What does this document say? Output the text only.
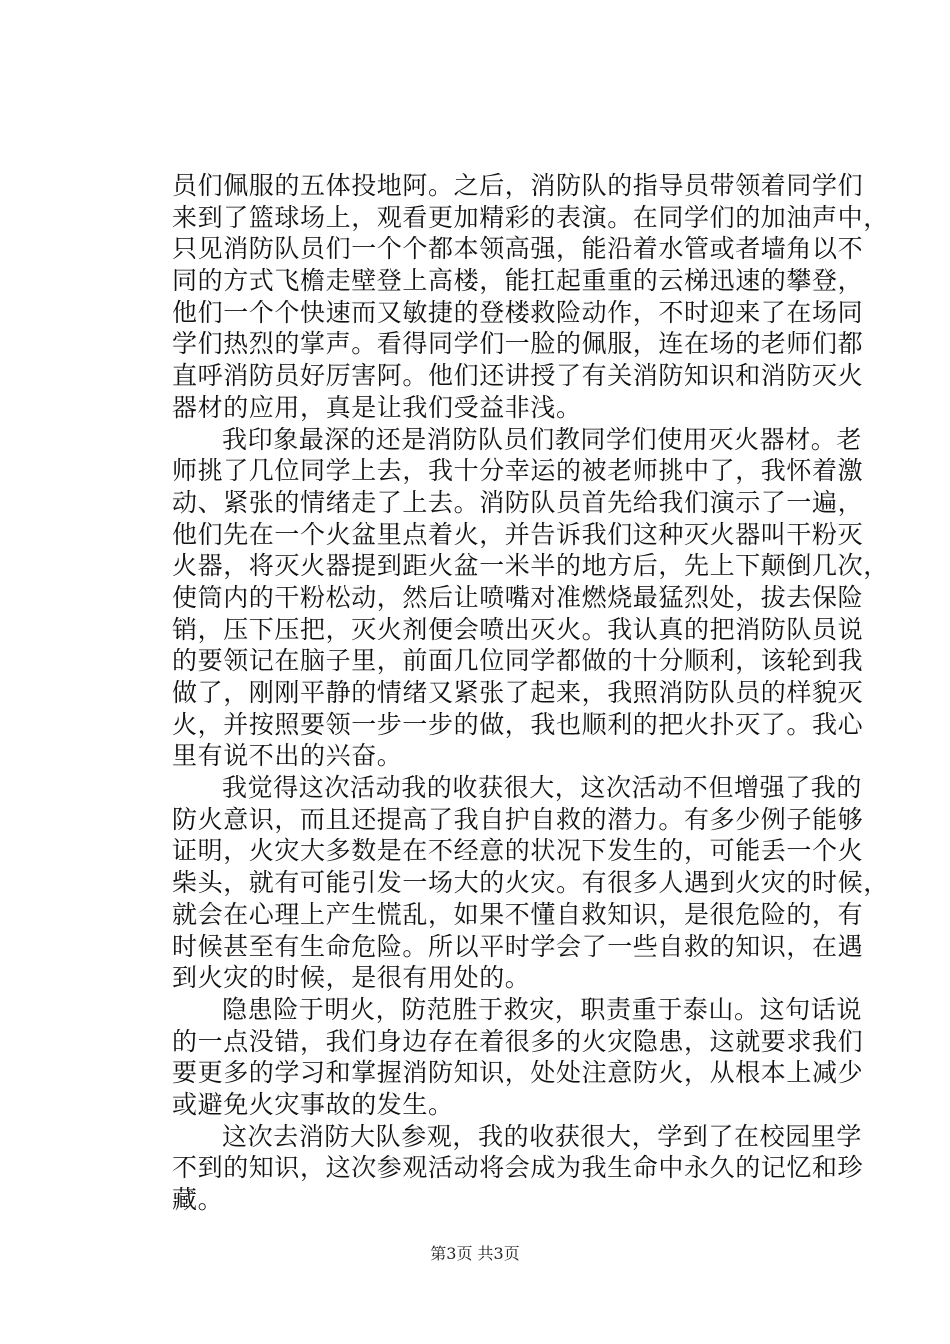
员们佩服的五体投地阿。之后，消防队的指导员带领着同学们
来到了篮球场上，观看更加精彩的表演。在同学们的加油声中，
只见消防队员们一个个都本领高强，能沿着水管或者墙角以不
同的方式飞檐走壁登上高楼，能扛起重重的云梯迅速的攀登，
他们一个个快速而又敏捷的登楼救险动作，不时迎来了在场同
学们热烈的掌声。看得同学们一脸的佩服，连在场的老师们都
直呼消防员好厉害阿。他们还讲授了有关消防知识和消防灭火
器材的应用，真是让我们受益非浅。
我印象最深的还是消防队员们教同学们使用灭火器材。老
师挑了几位同学上去，我十分幸运的被老师挑中了，我怀着激
动、紧张的情绪走了上去。消防队员首先给我们演示了一遍，
他们先在一个火盆里点着火，并告诉我们这种灭火器叫干粉灭
火器，将灭火器提到距火盆一米半的地方后，先上下颠倒几次，
使筒内的干粉松动，然后让喷嘴对准燃烧最猛烈处，拔去保险
销，压下压把，灭火剂便会喷出灭火。我认真的把消防队员说
的要领记在脑子里，前面几位同学都做的十分顺利，该轮到我
做了，刚刚平静的情绪又紧张了起来，我照消防队员的样貌灭
火，并按照要领一步一步的做，我也顺利的把火扑灭了。我心
里有说不出的兴奋。
我觉得这次活动我的收获很大，这次活动不但增强了我的
防火意识，而且还提高了我自护自救的潜力。有多少例子能够
证明，火灾大多数是在不经意的状况下发生的，可能丢一个火
柴头，就有可能引发一场大的火灾。有很多人遇到火灾的时候，
就会在心理上产生慌乱，如果不懂自救知识，是很危险的，有
时候甚至有生命危险。所以平时学会了一些自救的知识，在遇
到火灾的时候，是很有用处的。
隐患险于明火，防范胜于救灾，职责重于泰山。这句话说
的一点没错，我们身边存在着很多的火灾隐患，这就要求我们
要更多的学习和掌握消防知识，处处注意防火，从根本上减少
或避免火灾事故的发生。
这次去消防大队参观，我的收获很大，学到了在校园里学
不到的知识，这次参观活动将会成为我生命中永久的记忆和珍
藏。
第3页 共3页
